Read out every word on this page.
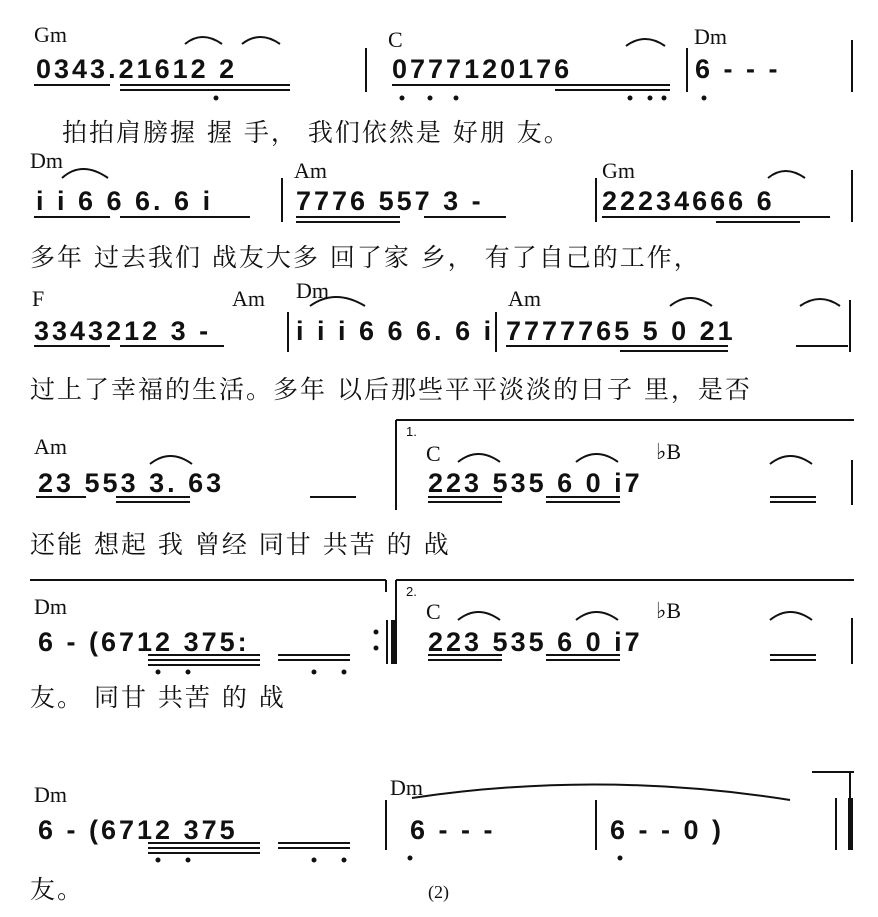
Gm	C	Dm
0343.21612 2	0777120176	6 - - -
拍拍肩膀握 握 手， 我们依然是 好朋 友。
Dm	Am	Gm
i i 6 6 6. 6 i	7776 557 3 -	22234666 6
多年 过去我们 战友大多 回了家 乡， 有了自己的工作，
F	Am Dm	Am
3343212 3 -	i i i 6 6 6. 6 i 7777765 5 0 21
过上了幸福的生活。多年 以后那些平平淡淡的日子 里，是否
Am
1.
C	♭B
23 553 3. 63	223 535 6 0 i7
还能 想起 我 曾经 同甘 共苦 的 战
Dm
2.
C	♭B
6 - (6712 375:	223 535 6 0 i7
友。 同甘 共苦 的 战
Dm	Dm
6 - (6712 375	6 - - -	6 - - 0 )
友。	(2)
